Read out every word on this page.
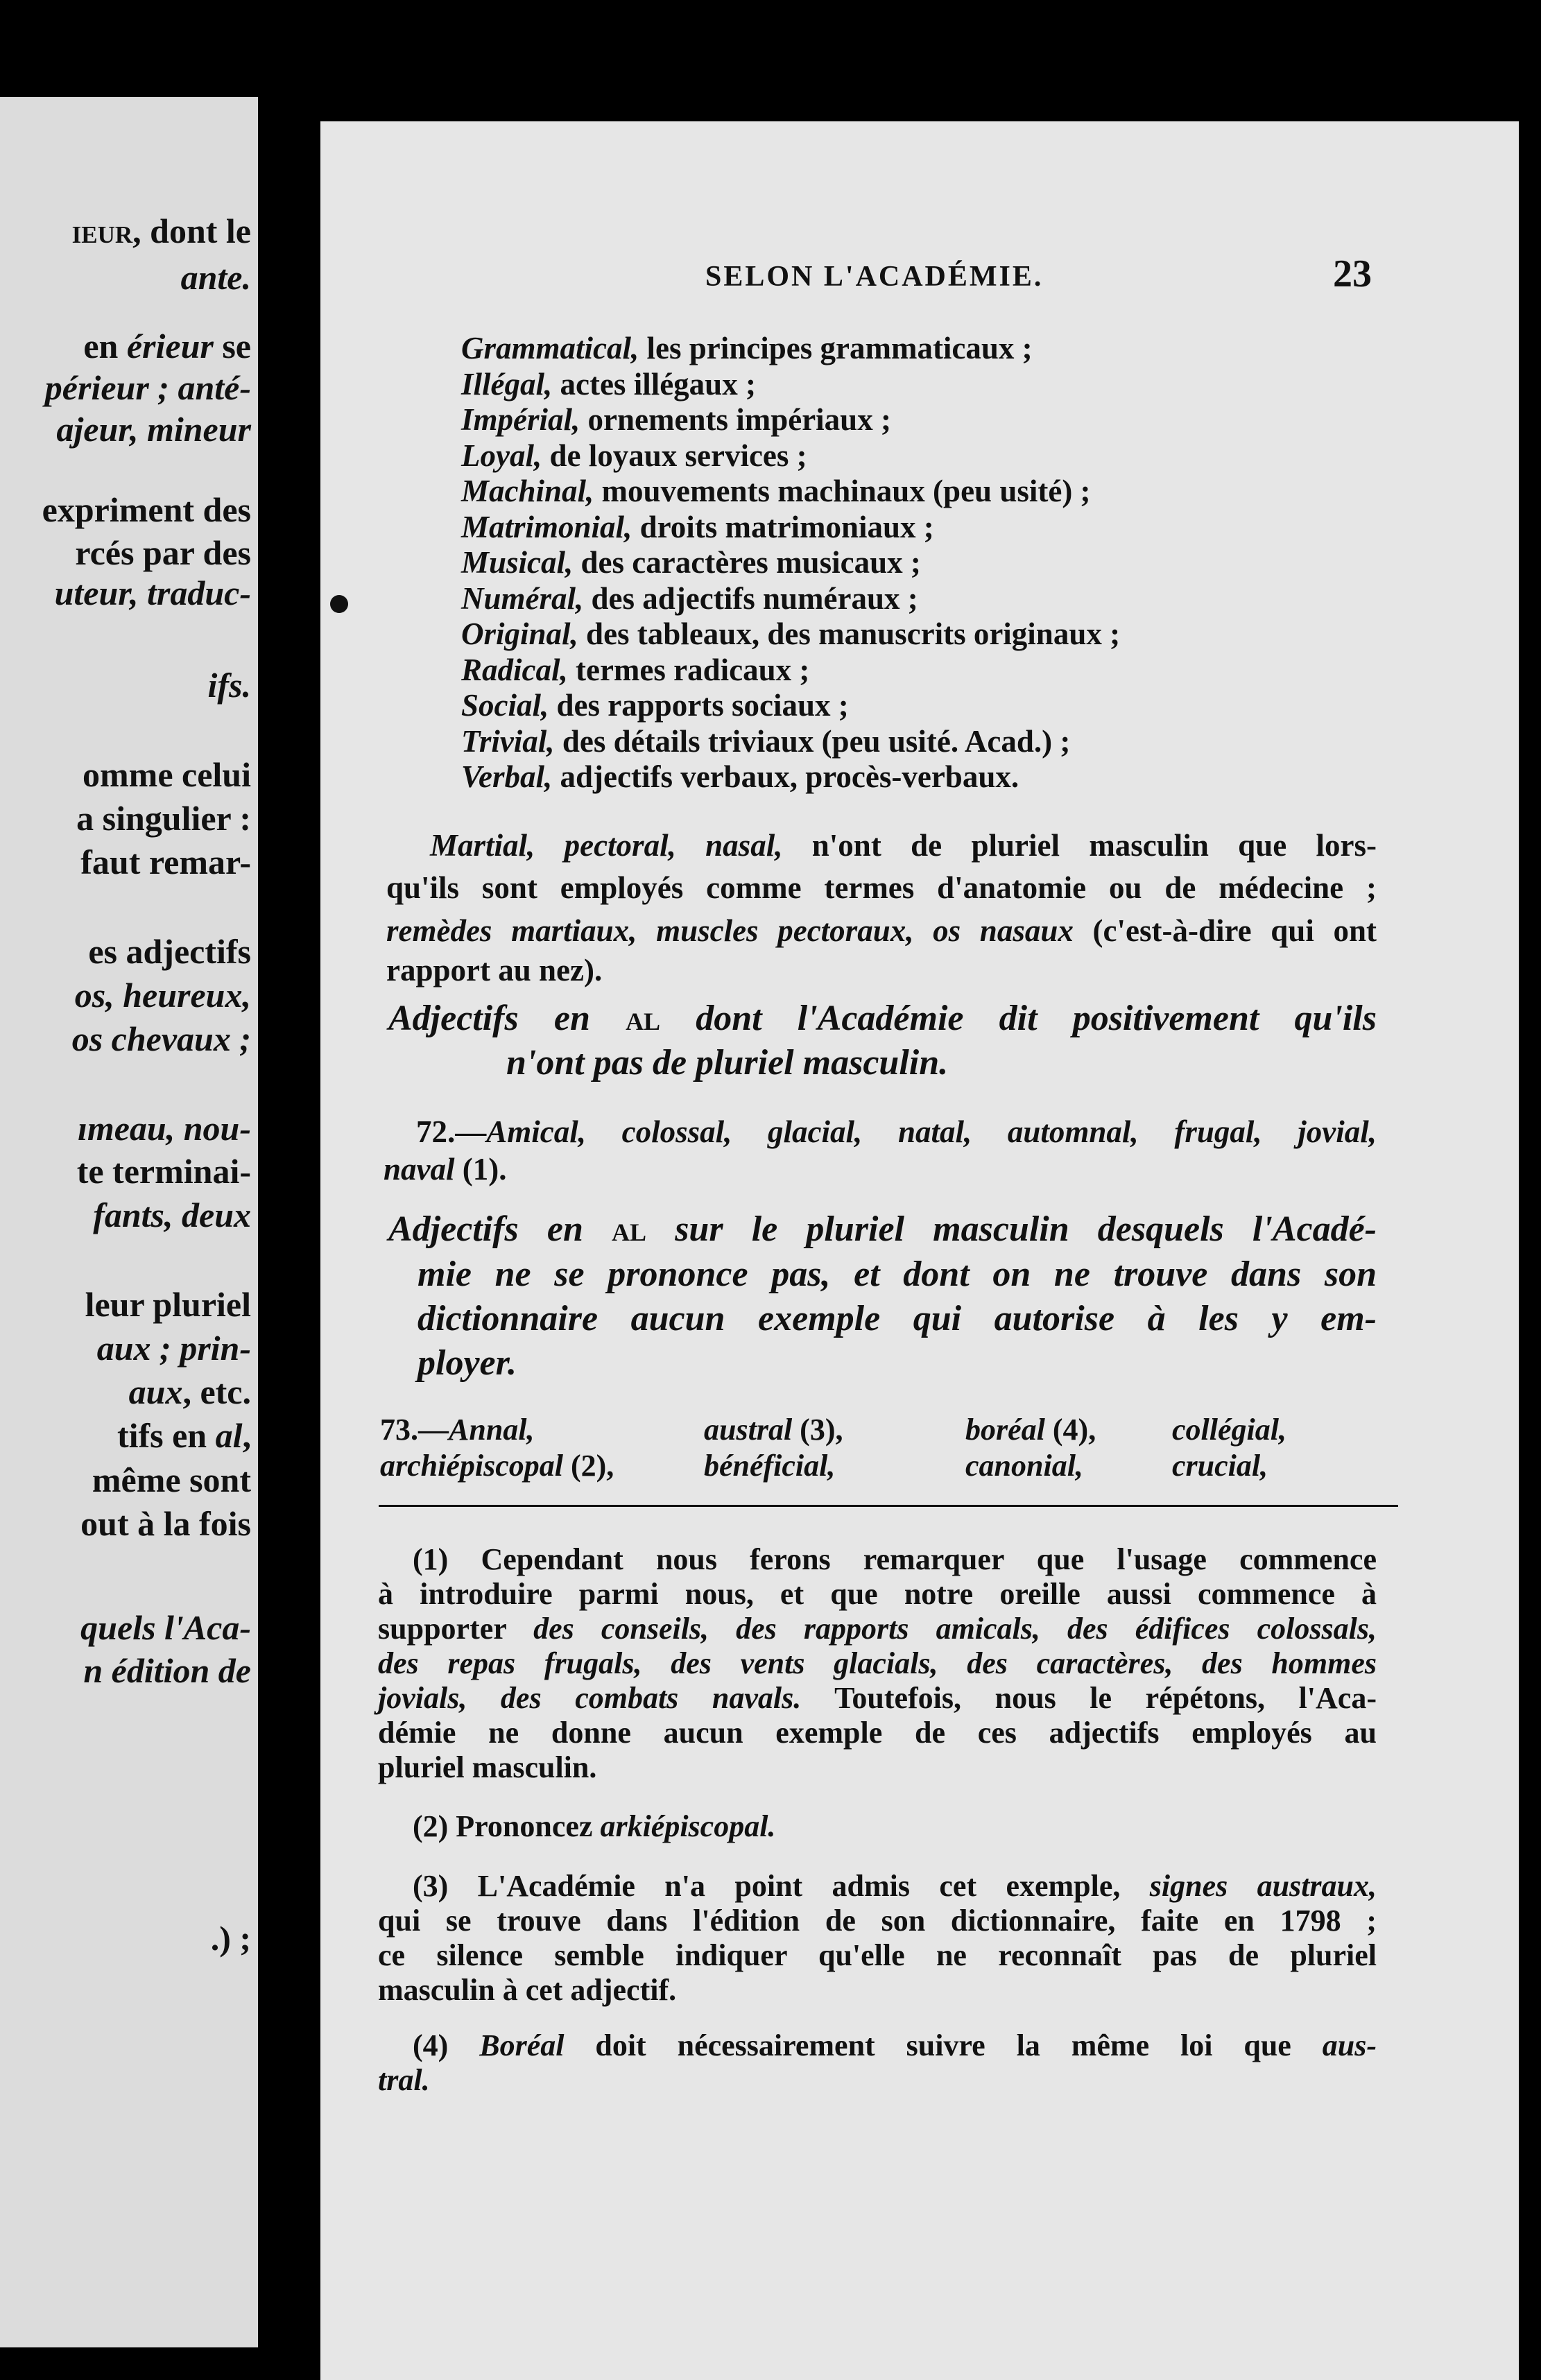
ieur, dont le
ante.
en érieur se
périeur ; anté-
ajeur, mineur
expriment des
rcés par des
uteur, traduc-
ifs.
omme celui
a singulier :
faut remar-
es adjectifs
os, heureux,
os chevaux ;
ımeau, nou-
te terminai-
fants, deux
leur pluriel
aux ; prin-
aux, etc.
tifs en al,
même sont
out à la fois
quels l'Aca-
n édition de
.) ;
SELON L'ACADÉMIE.	23
Grammatical, les principes grammaticaux ;
Illégal, actes illégaux ;
Impérial, ornements impériaux ;
Loyal, de loyaux services ;
Machinal, mouvements machinaux (peu usité) ;
Matrimonial, droits matrimoniaux ;
Musical, des caractères musicaux ;
Numéral, des adjectifs numéraux ;
Original, des tableaux, des manuscrits originaux ;
Radical, termes radicaux ;
Social, des rapports sociaux ;
Trivial, des détails triviaux (peu usité. Acad.) ;
Verbal, adjectifs verbaux, procès-verbaux.
Martial, pectoral, nasal, n'ont de pluriel masculin que lors-
qu'ils sont employés comme termes d'anatomie ou de médecine ;
remèdes martiaux, muscles pectoraux, os nasaux (c'est-à-dire qui ont
rapport au nez).
Adjectifs en al dont l'Académie dit positivement qu'ils
n'ont pas de pluriel masculin.
72.—Amical, colossal, glacial, natal, automnal, frugal, jovial,
naval (1).
Adjectifs en al sur le pluriel masculin desquels l'Acadé-
mie ne se prononce pas, et dont on ne trouve dans son
dictionnaire aucun exemple qui autorise à les y em-
ployer.
73.—Annal,	austral (3),	boréal (4), collégial,
archiépiscopal (2),	bénéficial,	canonial,	crucial,
(1) Cependant nous ferons remarquer que l'usage commence
à introduire parmi nous, et que notre oreille aussi commence à
supporter des conseils, des rapports amicals, des édifices colossals,
des repas frugals, des vents glacials, des caractères, des hommes
jovials, des combats navals. Toutefois, nous le répétons, l'Aca-
démie ne donne aucun exemple de ces adjectifs employés au
pluriel masculin.
(2) Prononcez arkiépiscopal.
(3) L'Académie n'a point admis cet exemple, signes austraux,
qui se trouve dans l'édition de son dictionnaire, faite en 1798 ;
ce silence semble indiquer qu'elle ne reconnaît pas de pluriel
masculin à cet adjectif.
(4) Boréal doit nécessairement suivre la même loi que aus-
tral.
